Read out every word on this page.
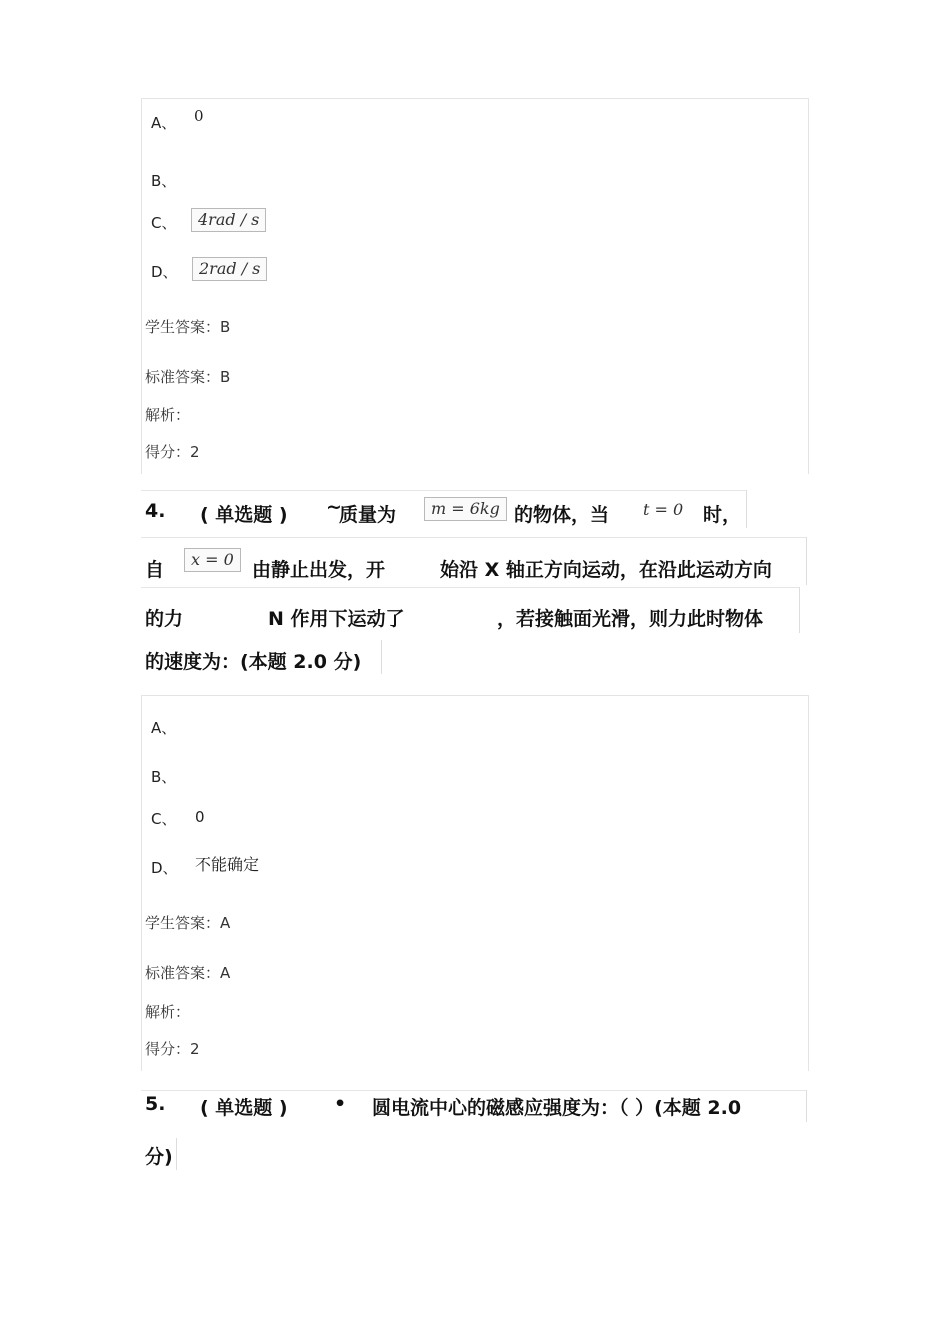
A、 0
B、
C、	4rad / s
D、	2rad / s
学生答案：B
标准答案：B
解析：
得分：2
4. ( 单选题 ) ~
质量为	m = 6kg 的物体，当 t = 0 时，
自	x = 0 由静止出发，开	始沿 X 轴正方向运动，在沿此运动方向
的力	N 作用下运动了	，若接触面光滑，则力此时物体
的速度为：(本题 2.0 分)
A、
B、
C、 0
D、 不能确定
学生答案：A
标准答案：A
解析：
得分：2
5. ( 单选题 ) • 圆电流中心的磁感应强度为：（ ）(本题 2.0
分)
